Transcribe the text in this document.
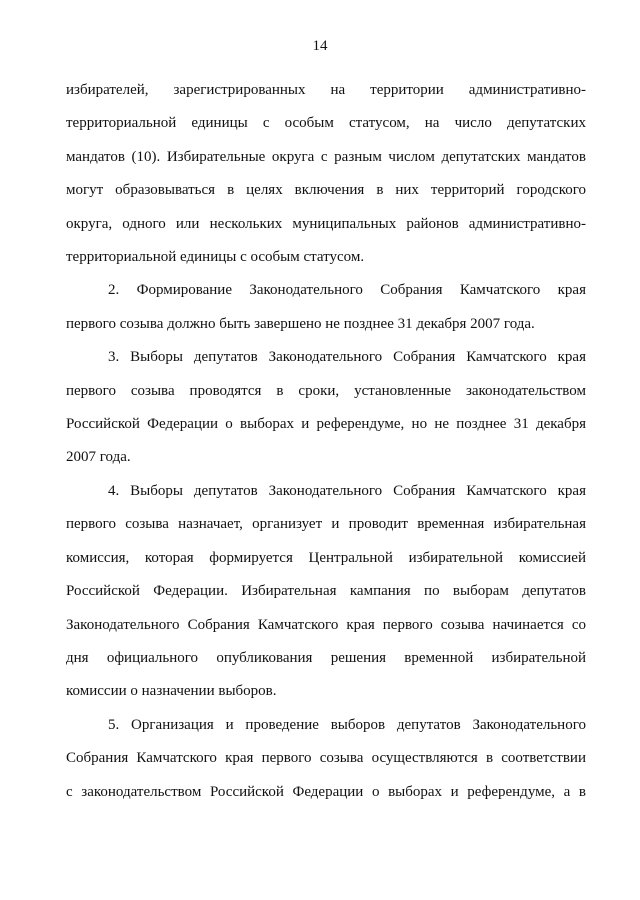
14
избирателей, зарегистрированных на территории административно-
территориальной единицы с особым статусом, на число депутатских
мандатов (10). Избирательные округа с разным числом депутатских мандатов
могут образовываться в целях включения в них территорий городского
округа, одного или нескольких муниципальных районов административно-
территориальной единицы с особым статусом.
2. Формирование Законодательного Собрания Камчатского края
первого созыва должно быть завершено не позднее 31 декабря 2007 года.
3. Выборы депутатов Законодательного Собрания Камчатского края
первого созыва проводятся в сроки, установленные законодательством
Российской Федерации о выборах и референдуме, но не позднее 31 декабря
2007 года.
4. Выборы депутатов Законодательного Собрания Камчатского края
первого созыва назначает, организует и проводит временная избирательная
комиссия, которая формируется Центральной избирательной комиссией
Российской Федерации. Избирательная кампания по выборам депутатов
Законодательного Собрания Камчатского края первого созыва начинается со
дня официального опубликования решения временной избирательной
комиссии о назначении выборов.
5. Организация и проведение выборов депутатов Законодательного
Собрания Камчатского края первого созыва осуществляются в соответствии
с законодательством Российской Федерации о выборах и референдуме, а в
